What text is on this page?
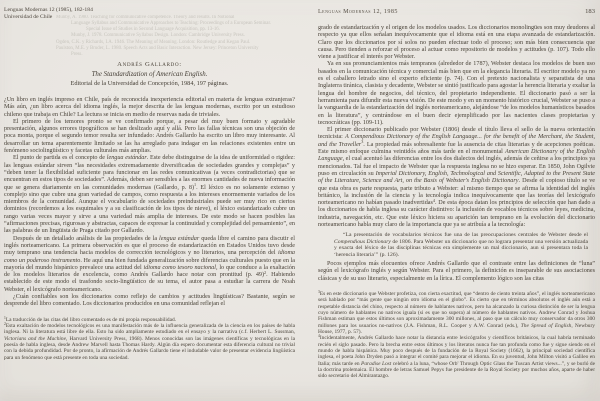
Lenguas Modernas 12 (1985), 182-184
Universidad de Chile Munby, A. 1980. Teaching for communicative competence. Theory and results. In Notional
Language Syllabus and Communicative Approaches to Teaching: Proceedings of a European Seminar.
Special Issue of Studies in Second Language Acquisition, pp. 13-16.
Munby, J. 1978. Communicative Syllabus Design. London: Cambridge University Press.
Ogden, C.K. y Richards, I.A. 1946. The Meaning of Meaning. London: Routledge and Kegan Paul.
Paulston, M.E. y Bruder, L. 1980. Speech Acts and Basic Interaction. New Jersey: Princeton University
Press.
Andrés Gallardo:
The Standardization of American English.
Editorial de la Universidad de Concepción, 1984, 197 páginas.

¿Un libro en inglés impreso en Chile, país de reconocida inexperiencia editorial en materia de lenguas extranjeras? Más aún, ¿un libro acerca del idioma inglés, la mejor descrita de las lenguas modernas, escrito por un estudioso chileno que trabaja en Chile? La lectura se inicia en medio de reservas nada de triviales.

El primero de los temores pronto se ve confirmado porque, a pesar del muy buen formato y agradable presentación, algunos errores tipográficos se han deslizado aquí y allá. Pero las fallas técnicas son una objeción de poca monta, porque el segundo temor resulta ser infundado: Andrés Gallardo ha escrito un libro muy interesante. Al desarrollar un tema aparentemente limitado se las ha arreglado para indagar en las relaciones existentes entre un fenómeno sociolingüístico y facetas culturales más amplias.

El punto de partida es el concepto de lengua estándar. Este debe distinguirse de la idea de uniformidad o rigidez: las lenguas estándar sirven “las necesidades extremadamente diversificadas de sociedades grandes y complejas” y “deben tener la flexibilidad suficiente para funcionar en las redes comunicativas (a veces contradictorias) que se encuentran en estos tipos de sociedades”. Además, deben ser sensibles a las enormes cantidades de nueva información que se genera diariamente en las comunidades modernas (Gallardo, p. 8)$^1$. El léxico es no solamente extenso y complejo sino que cubre una gran variedad de campos, como respuesta a los intereses enormemente variados de los miembros de la comunidad. Aunque el vocabulario de sociedades preindustriales puede ser muy rico en ciertos dominios (recordemos a los esquimales y a su clasificación de los tipos de nieve), el léxico estandarizado cubre un rango varias veces mayor y sirve a una variedad más amplia de intereses. De este modo se hacen posibles las “afirmaciones precisas, rigurosas y abstractas, capaces de expresar la continuidad y complejidad del pensamiento”, en las palabras de un lingüista de Praga citado por Gallardo.

Después de un detallado análisis de las propiedades de la lengua estándar queda libre el camino para discutir el inglés norteamericano. La primera observación es que el proceso de estandarización en Estados Unidos tuvo desde muy temprano una tendencia hacia modelos de corrección tecnológicos y no literarios, una percepción del idioma como un poderoso instrumento. He aquí una bien fundada generalización sobre diferencias culturales puesto que en la mayoría del mundo hispánico prevalece una actitud del idioma como tesoro nacional, lo que conduce a la exaltación de los modelos literarios de excelencia, como Andrés Gallardo hace notar con prontitud (p. 49)$^2$. Habiendo establecido de este modo el trasfondo socio-lingüístico de su tema, el autor pasa a estudiar la carrera de Noah Webster, el lexicógrafo norteamericano.

¿Cuán confiables son los diccionarios como reflejo de cambios y actitudes lingüísticas? Bastante, según se desprende del libro comentado. Los diccionarios producidos en una comunidad reflejan el

$^1$La traducción de las citas del libro comentado es de mi propia responsabilidad.

$^2$Esta exaltación de modelos tecnológicos es una manifestación más de la influencia generalizada de la ciencia en los países de habla inglesa. Ni la literatura está libre de ella. Esto ha sido ampliamente estudiado en el ensayo y la narrativa (c.f. Herbert L. Sussman, Victorians and the Machine, Harvard University Press, 1968). Menos conocidas son las imágenes científicas y tecnológicas en la poesía de habla inglesa, desde Andrew Marvell hasta Thomas Hardy. Algún día espero documentar esta diferencia cultural no trivial con la debida profundidad. Por de pronto, la afirmación de Andrés Gallardo tiene el indudable valor de presentar evidencia lingüística para un fenómeno que está presente en toda una sociedad.

Lenguas Modernas 12, 1985	183

grado de estandarización y el origen de los modelos usados. Los diccionarios monolingües son muy deudores al respecto ya que ellos señalan inequívocamente que el idioma está en una etapa avanzada de estandarización. Claro que los diccionarios por sí solos no pueden efectuar todo el proceso; son más bien consecuencia que causa. Pero tienden a reforzar el proceso al actuar como repositorio de modelos y actitudes (p. 107). Todo ello viene a justificar el interés por Webster.

Ya en sus pronunciamientos más tempranos (alrededor de 1787), Webster destaca los modelos de buen uso basados en la comunicación técnica y comercial más bien que en la elegancia literaria. El escritor modelo ya no es el caballero letrado sino el experto eficiente (p. 74). Con el pretexto nacionalista y separatista de una Inglaterra tiránica, clasista y decadente, Webster se sintió justificado para agostar la herencia literaria y exaltar la lengua del hombre de negocios, del técnico, del propietario independiente. El diccionario pasó a ser la herramienta para difundir esta nueva visión. De este modo y en un momento histórico crucial, Webster se puso a la vanguardia de la estandarización del inglés norteamericano, alejándose “de los modelos humanísticos basados en la literatura”, y centrándose en el buen decir ejemplificado por las nacientes clases propietarias y tecnocráticas (pp. 109-11).

El primer diccionario publicado por Webster (1806) desde el título lleva el sello de la nueva orientación tecnicista: A Compendious Dictionary of the English Language... for the benefit of the Merchant, the Student, and the Traveller$^3$. La propiedad más sobresaliente fue la ausencia de citas literarias y de acepciones poéticas. Este mismo enfoque culmina veintidós años más tarde en el monumental American Dictionary of the English Language, el cual acentuó las diferencias entre los dos dialectos del inglés, además de ceñirse a los principios ya mencionados. Tal fue el impacto de Webster que la respuesta inglesa no se hizo esperar. En 1850, John Ogilvie puso en circulación su Imperial Dictionary, English, Technological and Scientific, Adapted to the Present State of the Literature, Science and Art, on the Basis of Webster's English Dictionary. Desde el copioso título se ve que esta obra es parte respuesta, parte tributo a Webster: al mismo tiempo que se afirma la identidad del inglés británico, la inclusión de la ciencia y la tecnología indica inequívocamente que las teorías del lexicógrafo norteamericano no habían pasado inadvertidas$^4$. De esta época datan los principios de selección que han dado a los diccionarios de habla inglesa su carácter distintivo: la inclusión de vocablos técnicos sobre leyes, medicina, industria, navegación, etc. Que este léxico hiciera su aparición tan temprano en la evolución del diccionario norteamericano habla muy claro de la importancia que ya se atribuía a la tecnología:

“La presentación de vocabularios técnicos fue una de las preocupaciones centrales de Webster desde el Compendious Dictionary de 1806. Para Webster un diccionario que no lograra presentar una versión actualizada y exacta del léxico de las disciplinas técnicas era simplemente un mal diccionario, aun si presentara toda la ‘herencia literaria’” (p. 126).

Pocos ejemplos más elocuentes ofrece Andrés Gallardo que el contraste entre las definiciones de “luna” según el lexicógrafo inglés y según Webster. Para el primero, la definición es inseparable de sus asociaciones clásicas y de su uso literario, especialmente en la lírica. El complemento lógico son las citas

$^3$Es en este diccionario que Webster profetiza, con cierta exactitud, que “dentro de ciento treinta años”, el inglés norteamericano será hablado por “más gente que ningún otro idioma en el globo”. Es cierto que en términos absolutos el inglés aún está a respetable distancia del chino, respecto al número de hablantes nativos, pero ha alcanzado la curiosa distinción de ser la lengua cuyo número de hablantes no nativos iguala (si es que no supera) al número de hablantes nativos. Andrew Conrad y Joshua Fishman estiman que estos últimos son aproximadamente 300 millones, al paso que un cálculo muy conservador da otros 300 millones para los usuarios no-nativos (J.A. Fishman, R.L. Cooper y A.W. Conrad (eds.), The Spread of English, Newbury House, 1977, p. 57).

$^4$Incidentalmente, Andrés Gallardo hace notar la distancia entre lexicógrafos y científicos británicos, la cual habría terminado recién el siglo pasado. Pero la brecha entre estos últimos y los literatos nunca fue tan profunda como fue y sigue siendo en el mundo de habla hispánica. Muy poco después de la fundación de la Royal Society (1662), la principal sociedad científica inglesa, el poeta John Dryden pasó a integrar el comité para mejorar el idioma. En su juventud, John Milton visitó a Galileo en Italia; más tarde en Paradise Lost celebró a la luna, “whose Orb' Through Optic Glass the Tuscan Artist views...”, y se burló de la doctrina ptolemaica. El hombre de letras Samuel Pepys fue presidente de la Royal Society por muchos años, aparte de haber sido secretario del Almirantazgo.
